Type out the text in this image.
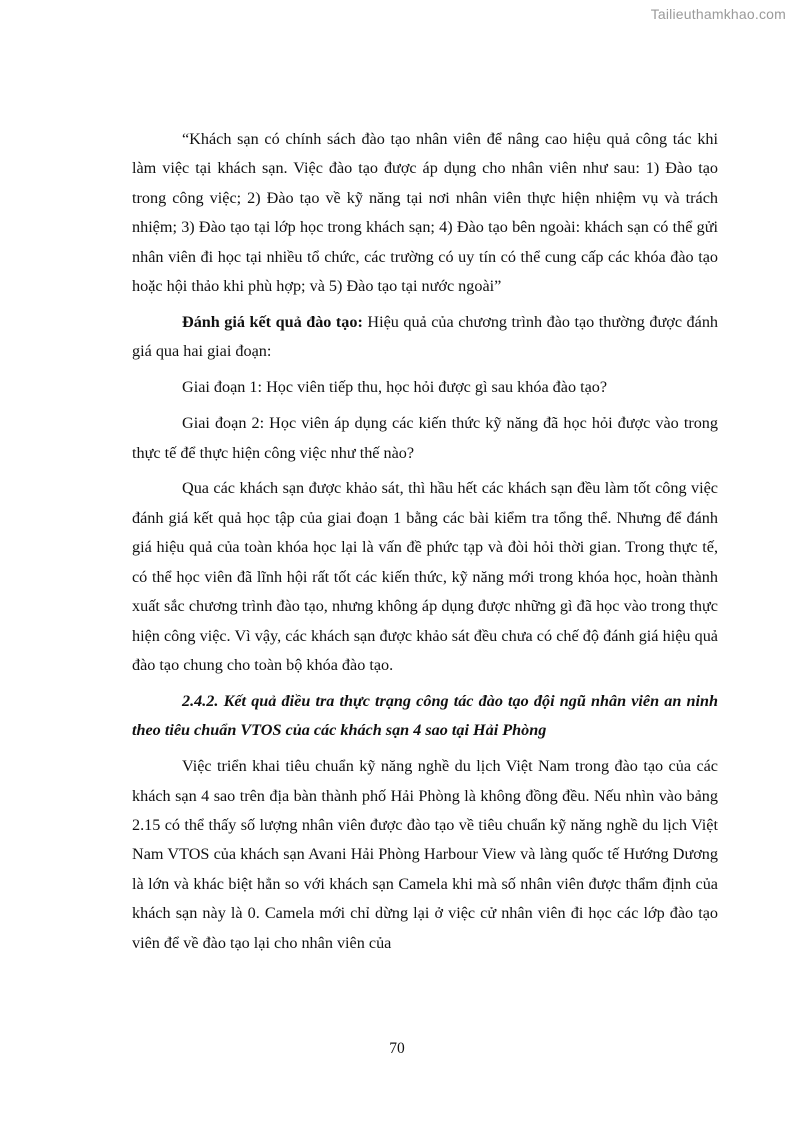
Tailieuthamkhao.com

“Khách sạn có chính sách đào tạo nhân viên để nâng cao hiệu quả công tác khi làm việc tại khách sạn. Việc đào tạo được áp dụng cho nhân viên như sau: 1) Đào tạo trong công việc; 2) Đào tạo về kỹ năng tại nơi nhân viên thực hiện nhiệm vụ và trách nhiệm; 3) Đào tạo tại lớp học trong khách sạn; 4) Đào tạo bên ngoài: khách sạn có thể gửi nhân viên đi học tại nhiều tổ chức, các trường có uy tín có thể cung cấp các khóa đào tạo hoặc hội thảo khi phù hợp; và 5) Đào tạo tại nước ngoài”

Đánh giá kết quả đào tạo: Hiệu quả của chương trình đào tạo thường được đánh giá qua hai giai đoạn:

Giai đoạn 1: Học viên tiếp thu, học hỏi được gì sau khóa đào tạo?

Giai đoạn 2: Học viên áp dụng các kiến thức kỹ năng đã học hỏi được vào trong thực tế để thực hiện công việc như thế nào?

Qua các khách sạn được khảo sát, thì hầu hết các khách sạn đều làm tốt công việc đánh giá kết quả học tập của giai đoạn 1 bằng các bài kiểm tra tổng thể. Nhưng để đánh giá hiệu quả của toàn khóa học lại là vấn đề phức tạp và đòi hỏi thời gian. Trong thực tế, có thể học viên đã lĩnh hội rất tốt các kiến thức, kỹ năng mới trong khóa học, hoàn thành xuất sắc chương trình đào tạo, nhưng không áp dụng được những gì đã học vào trong thực hiện công việc. Vì vậy, các khách sạn được khảo sát đều chưa có chế độ đánh giá hiệu quả đào tạo chung cho toàn bộ khóa đào tạo.

2.4.2. Kết quả điều tra thực trạng công tác đào tạo đội ngũ nhân viên an ninh theo tiêu chuẩn VTOS của các khách sạn 4 sao tại Hải Phòng

Việc triển khai tiêu chuẩn kỹ năng nghề du lịch Việt Nam trong đào tạo của các khách sạn 4 sao trên địa bàn thành phố Hải Phòng là không đồng đều. Nếu nhìn vào bảng 2.15 có thể thấy số lượng nhân viên được đào tạo về tiêu chuẩn kỹ năng nghề du lịch Việt Nam VTOS của khách sạn Avani Hải Phòng Harbour View và làng quốc tế Hướng Dương là lớn và khác biệt hẳn so với khách sạn Camela khi mà số nhân viên được thẩm định của khách sạn này là 0. Camela mới chỉ dừng lại ở việc cử nhân viên đi học các lớp đào tạo viên để về đào tạo lại cho nhân viên của

70
